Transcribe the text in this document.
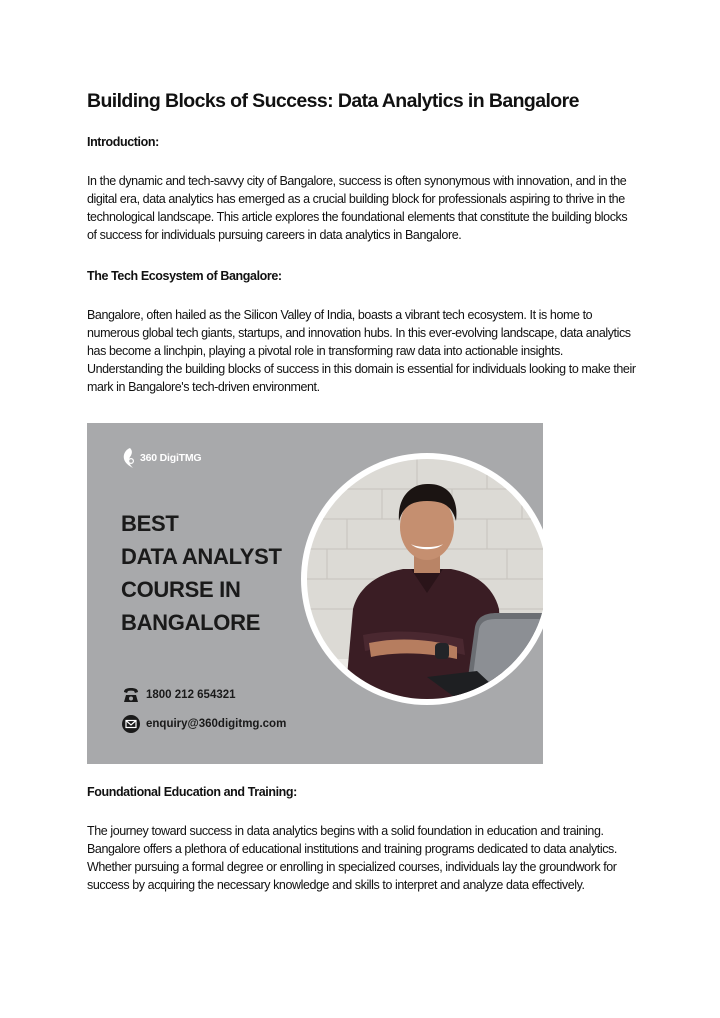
Building Blocks of Success: Data Analytics in Bangalore
Introduction:

In the dynamic and tech-savvy city of Bangalore, success is often synonymous with innovation, and in the digital era, data analytics has emerged as a crucial building block for professionals aspiring to thrive in the technological landscape. This article explores the foundational elements that constitute the building blocks of success for individuals pursuing careers in data analytics in Bangalore.

The Tech Ecosystem of Bangalore:

Bangalore, often hailed as the Silicon Valley of India, boasts a vibrant tech ecosystem. It is home to numerous global tech giants, startups, and innovation hubs. In this ever-evolving landscape, data analytics has become a linchpin, playing a pivotal role in transforming raw data into actionable insights. Understanding the building blocks of success in this domain is essential for individuals looking to make their mark in Bangalore's tech-driven environment.

360 DigiTMG
BEST
DATA ANALYST
COURSE IN
BANGALORE
1800 212 654321
enquiry@360digitmg.com
Foundational Education and Training:

The journey toward success in data analytics begins with a solid foundation in education and training. Bangalore offers a plethora of educational institutions and training programs dedicated to data analytics. Whether pursuing a formal degree or enrolling in specialized courses, individuals lay the groundwork for success by acquiring the necessary knowledge and skills to interpret and analyze data effectively.
